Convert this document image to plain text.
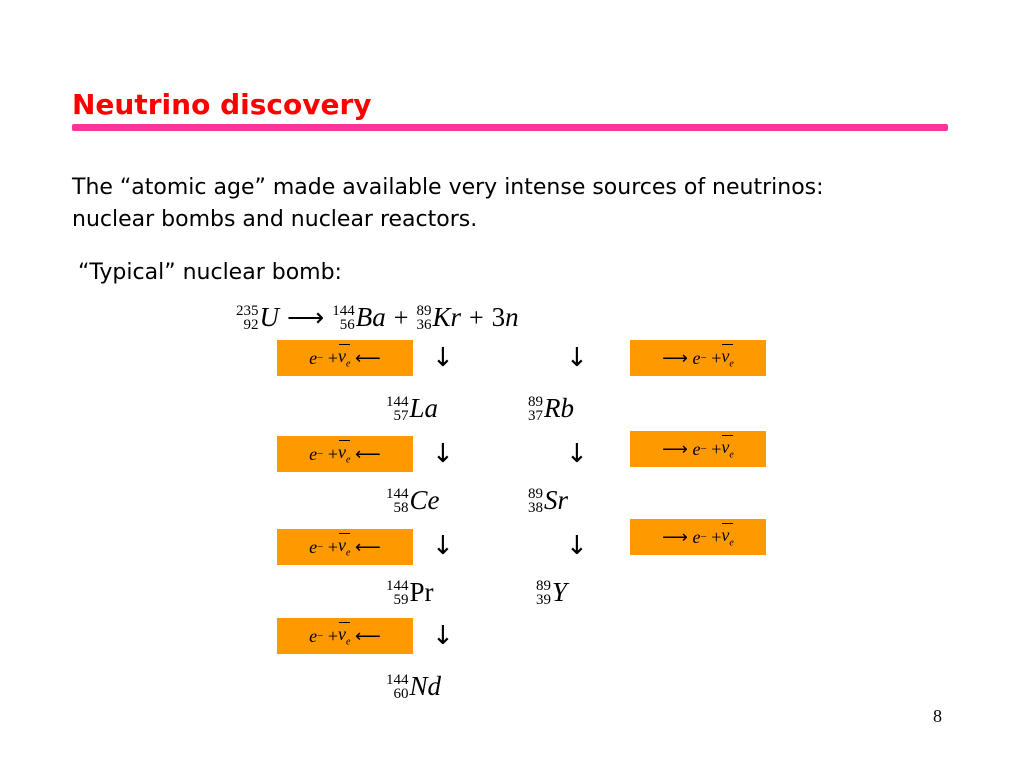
Neutrino discovery
The “atomic age” made available very intense sources of neutrinos: nuclear bombs and nuclear reactors.
“Typical” nuclear bomb:
235
92 U ⟶ 144
56 Ba + 89
36 Kr + 3n
e −
+ $\nu_e$
⟵
e −
+ $\nu_e$
⟵
e −
+ $\nu_e$
⟵
e −
+ $\nu_e$
⟵
⟶
e −
+ $\nu_e$
⟶
e −
+ $\nu_e$
⟶
e −
+ $\nu_e$
↓
↓
↓
↓
↓
↓
↓
144
57 La
144
58 Ce
144
59 Pr
144
60 Nd
89
37 Rb
89
38 Sr
89
39 Y
8
